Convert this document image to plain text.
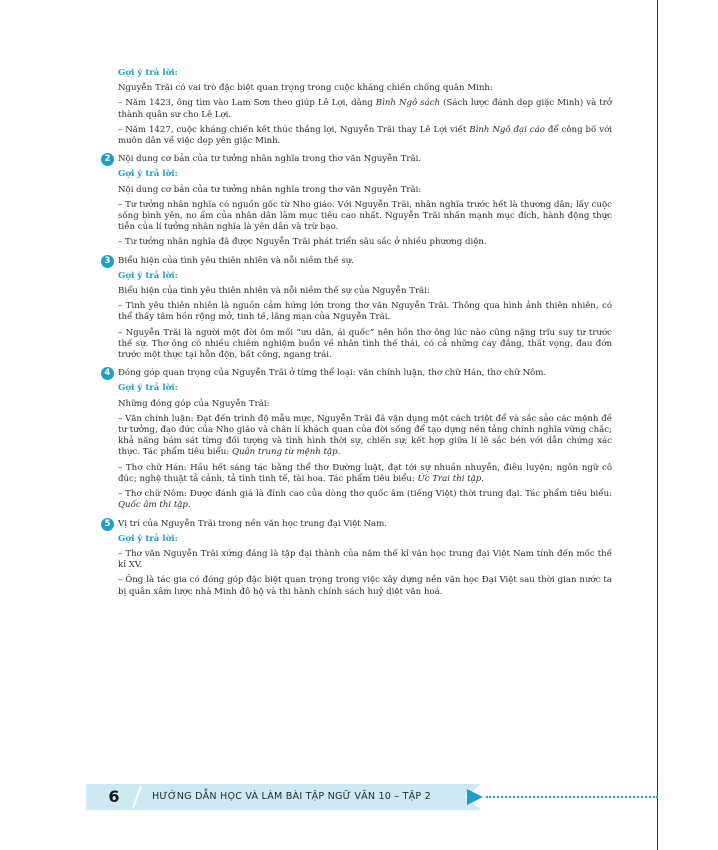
Gợi ý trả lời:

Nguyễn Trãi có vai trò đặc biệt quan trọng trong cuộc kháng chiến chống quân Minh:

– Năm 1423, ông tìm vào Lam Sơn theo giúp Lê Lợi, dâng Bình Ngô sách (Sách lược đánh dẹp giặc Minh) và trở thành quân sư cho Lê Lợi.

– Năm 1427, cuộc kháng chiến kết thúc thắng lợi, Nguyễn Trãi thay Lê Lợi viết Bình Ngô đại cáo để công bố với muôn dân về việc dẹp yên giặc Minh.

2 Nội dung cơ bản của tư tưởng nhân nghĩa trong thơ văn Nguyễn Trãi.
Gợi ý trả lời:

Nội dung cơ bản của tư tưởng nhân nghĩa trong thơ văn Nguyễn Trãi:

– Tư tưởng nhân nghĩa có nguồn gốc từ Nho giáo. Với Nguyễn Trãi, nhân nghĩa trước hết là thương dân; lấy cuộc sống bình yên, no ấm của nhân dân làm mục tiêu cao nhất. Nguyễn Trãi nhấn mạnh mục đích, hành động thực tiễn của lí tưởng nhân nghĩa là yên dân và trừ bạo.

– Tư tưởng nhân nghĩa đã được Nguyễn Trãi phát triển sâu sắc ở nhiều phương diện.

3 Biểu hiện của tình yêu thiên nhiên và nỗi niềm thế sự.
Gợi ý trả lời:

Biểu hiện của tình yêu thiên nhiên và nỗi niềm thế sự của Nguyễn Trãi:

– Tình yêu thiên nhiên là nguồn cảm hứng lớn trong thơ văn Nguyễn Trãi. Thông qua hình ảnh thiên nhiên, có thể thấy tâm hồn rộng mở, tinh tế, lãng mạn của Nguyễn Trãi.

– Nguyễn Trãi là người một đời ôm mối “ưu dân, ái quốc” nên hồn thơ ông lúc nào cũng nặng trĩu suy tư trước thế sự. Thơ ông có nhiều chiêm nghiệm buồn về nhân tình thế thái, có cả những cay đắng, thất vọng, đau đớn trước một thực tại hỗn độn, bất công, ngang trái.

4 Đóng góp quan trọng của Nguyễn Trãi ở từng thể loại: văn chính luận, thơ chữ Hán, thơ chữ Nôm.
Gợi ý trả lời:

Những đóng góp của Nguyễn Trãi:

– Văn chính luận: Đạt đến trình độ mẫu mực, Nguyễn Trãi đã vận dụng một cách triệt để và sắc sảo các mệnh đề tư tưởng, đạo đức của Nho giáo và chân lí khách quan của đời sống để tạo dựng nền tảng chính nghĩa vững chắc; khả năng bám sát từng đối tượng và tình hình thời sự, chiến sự; kết hợp giữa lí lẽ sắc bén với dẫn chứng xác thực. Tác phẩm tiêu biểu: Quân trung từ mệnh tập.

– Thơ chữ Hán: Hầu hết sáng tác bằng thể thơ Đường luật, đạt tới sự nhuần nhuyễn, điêu luyện; ngôn ngữ cô đúc; nghệ thuật tả cảnh, tả tình tinh tế, tài hoa. Tác phẩm tiêu biểu: Ức Trai thi tập.

– Thơ chữ Nôm: Được đánh giá là đỉnh cao của dòng thơ quốc âm (tiếng Việt) thời trung đại. Tác phẩm tiêu biểu: Quốc âm thi tập.

5 Vị trí của Nguyễn Trãi trong nền văn học trung đại Việt Nam.
Gợi ý trả lời:

– Thơ văn Nguyễn Trãi xứng đáng là tập đại thành của năm thế kỉ văn học trung đại Việt Nam tính đến mốc thế kỉ XV.

– Ông là tác gia có đóng góp đặc biệt quan trọng trong việc xây dựng nền văn học Đại Việt sau thời gian nước ta bị quân xâm lược nhà Minh đô hộ và thi hành chính sách huỷ diệt văn hoá.

6	HƯỚNG DẪN HỌC VÀ LÀM BÀI TẬP NGỮ VĂN 10 – TẬP 2
